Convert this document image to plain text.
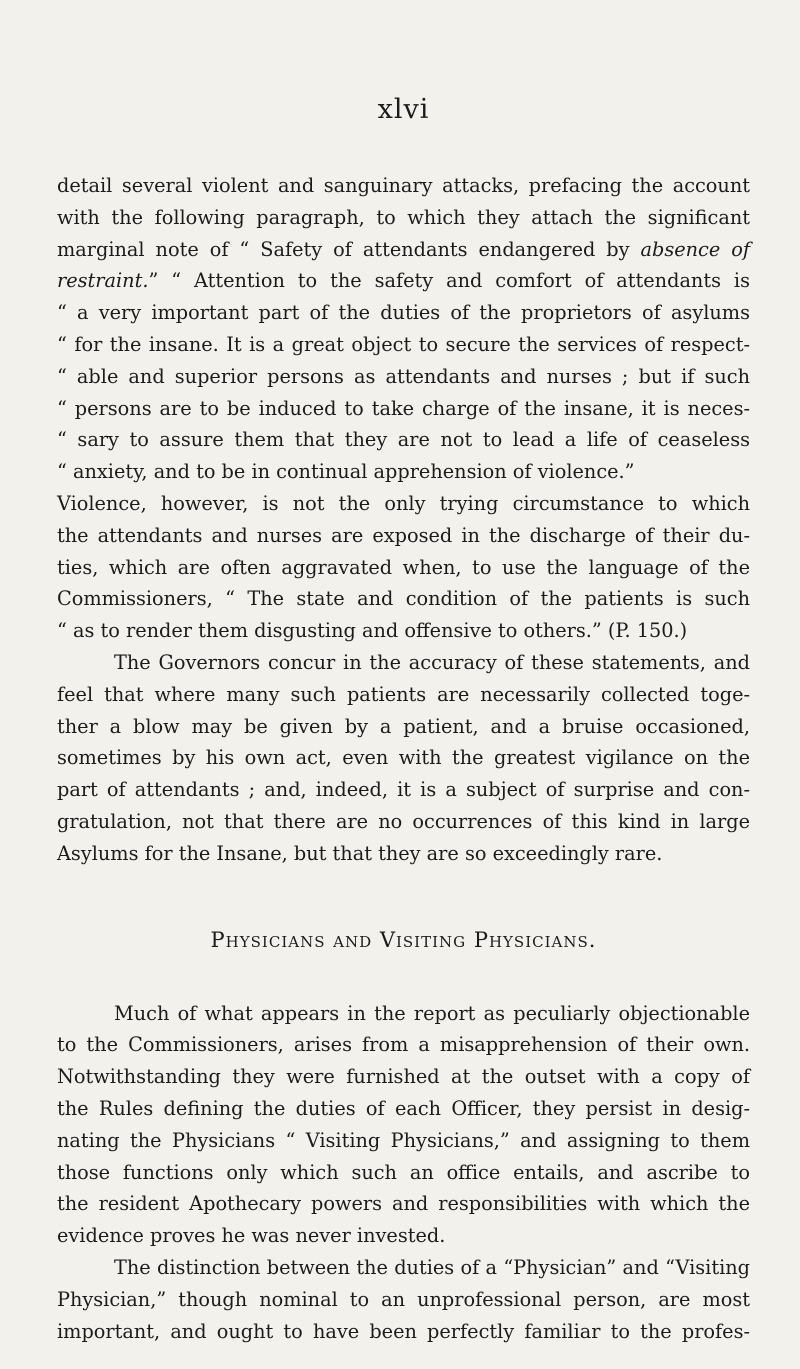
xlvi
detail several violent and sanguinary attacks, prefacing the account
with the following paragraph, to which they attach the significant
marginal note of “ Safety of attendants endangered by absence of
restraint.” “ Attention to the safety and comfort of attendants is
“ a very important part of the duties of the proprietors of asylums
“ for the insane. It is a great object to secure the services of respect-
“ able and superior persons as attendants and nurses ; but if such
“ persons are to be induced to take charge of the insane, it is neces-
“ sary to assure them that they are not to lead a life of ceaseless
“ anxiety, and to be in continual apprehension of violence.”
Violence, however, is not the only trying circumstance to which
the attendants and nurses are exposed in the discharge of their du-
ties, which are often aggravated when, to use the language of the
Commissioners, “ The state and condition of the patients is such
“ as to render them disgusting and offensive to others.” (P. 150.)
The Governors concur in the accuracy of these statements, and
feel that where many such patients are necessarily collected toge-
ther a blow may be given by a patient, and a bruise occasioned,
sometimes by his own act, even with the greatest vigilance on the
part of attendants ; and, indeed, it is a subject of surprise and con-
gratulation, not that there are no occurrences of this kind in large
Asylums for the Insane, but that they are so exceedingly rare.
Physicians and Visiting Physicians.
Much of what appears in the report as peculiarly objectionable
to the Commissioners, arises from a misapprehension of their own.
Notwithstanding they were furnished at the outset with a copy of
the Rules defining the duties of each Officer, they persist in desig-
nating the Physicians “ Visiting Physicians,” and assigning to them
those functions only which such an office entails, and ascribe to
the resident Apothecary powers and responsibilities with which the
evidence proves he was never invested.
The distinction between the duties of a “Physician” and “Visiting
Physician,” though nominal to an unprofessional person, are most
important, and ought to have been perfectly familiar to the profes-
